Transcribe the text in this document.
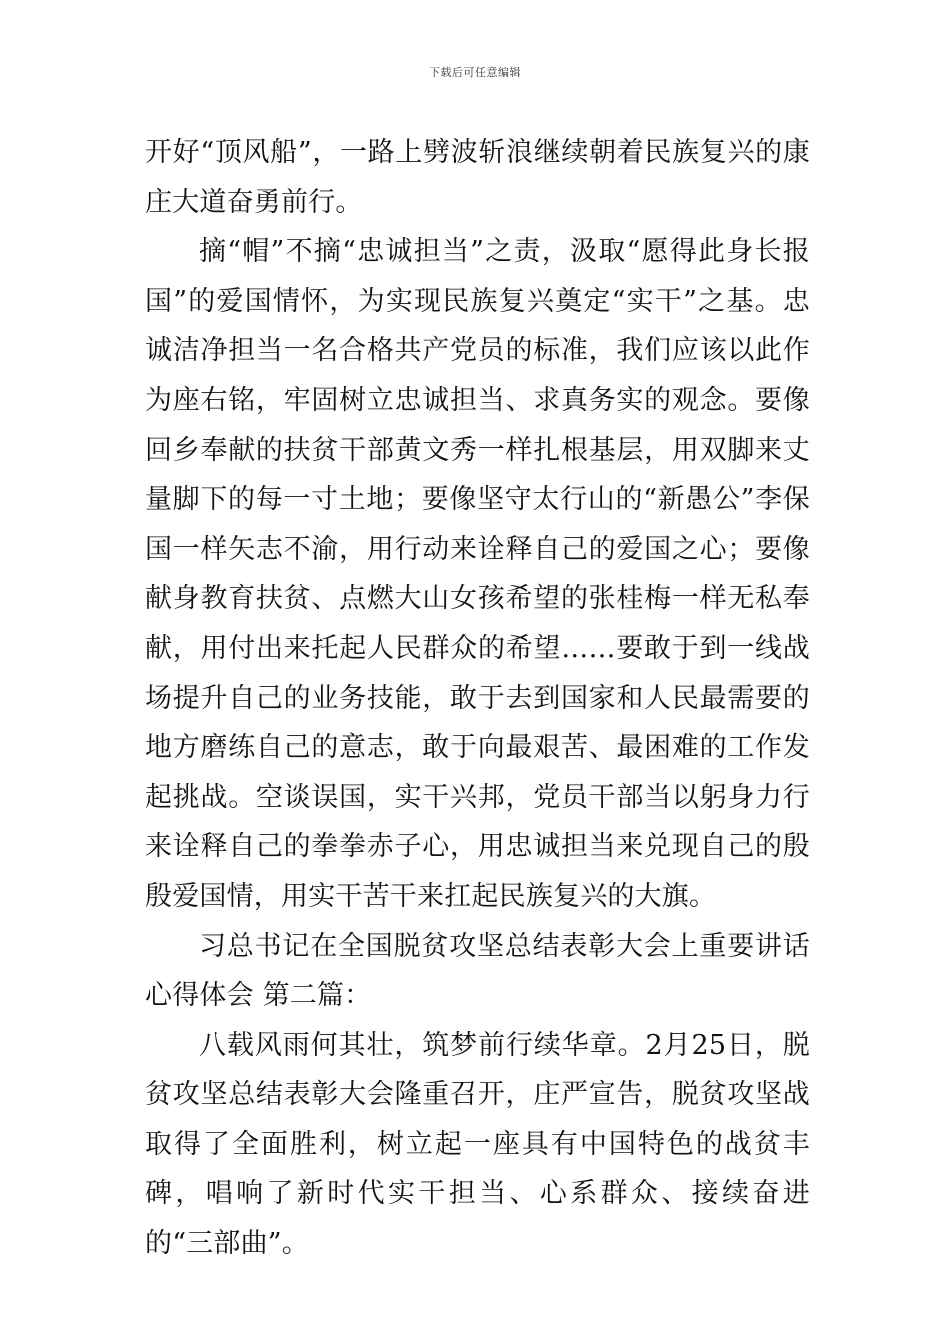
下载后可任意编辑

开好“顶风船”，一路上劈波斩浪继续朝着民族复兴的康庄大道奋勇前行。

摘“帽”不摘“忠诚担当”之责，汲取“愿得此身长报国”的爱国情怀，为实现民族复兴奠定“实干”之基。忠诚洁净担当一名合格共产党员的标准，我们应该以此作为座右铭，牢固树立忠诚担当、求真务实的观念。要像回乡奉献的扶贫干部黄文秀一样扎根基层，用双脚来丈量脚下的每一寸土地；要像坚守太行山的“新愚公”李保国一样矢志不渝，用行动来诠释自己的爱国之心；要像献身教育扶贫、点燃大山女孩希望的张桂梅一样无私奉献，用付出来托起人民群众的希望……要敢于到一线战场提升自己的业务技能，敢于去到国家和人民最需要的地方磨练自己的意志，敢于向最艰苦、最困难的工作发起挑战。空谈误国，实干兴邦，党员干部当以躬身力行来诠释自己的拳拳赤子心，用忠诚担当来兑现自己的殷殷爱国情，用实干苦干来扛起民族复兴的大旗。

习总书记在全国脱贫攻坚总结表彰大会上重要讲话心得体会 第二篇：

八载风雨何其壮，筑梦前行续华章。2月25日，脱贫攻坚总结表彰大会隆重召开，庄严宣告，脱贫攻坚战取得了全面胜利，树立起一座具有中国特色的战贫丰碑，唱响了新时代实干担当、心系群众、接续奋进的“三部曲”。
